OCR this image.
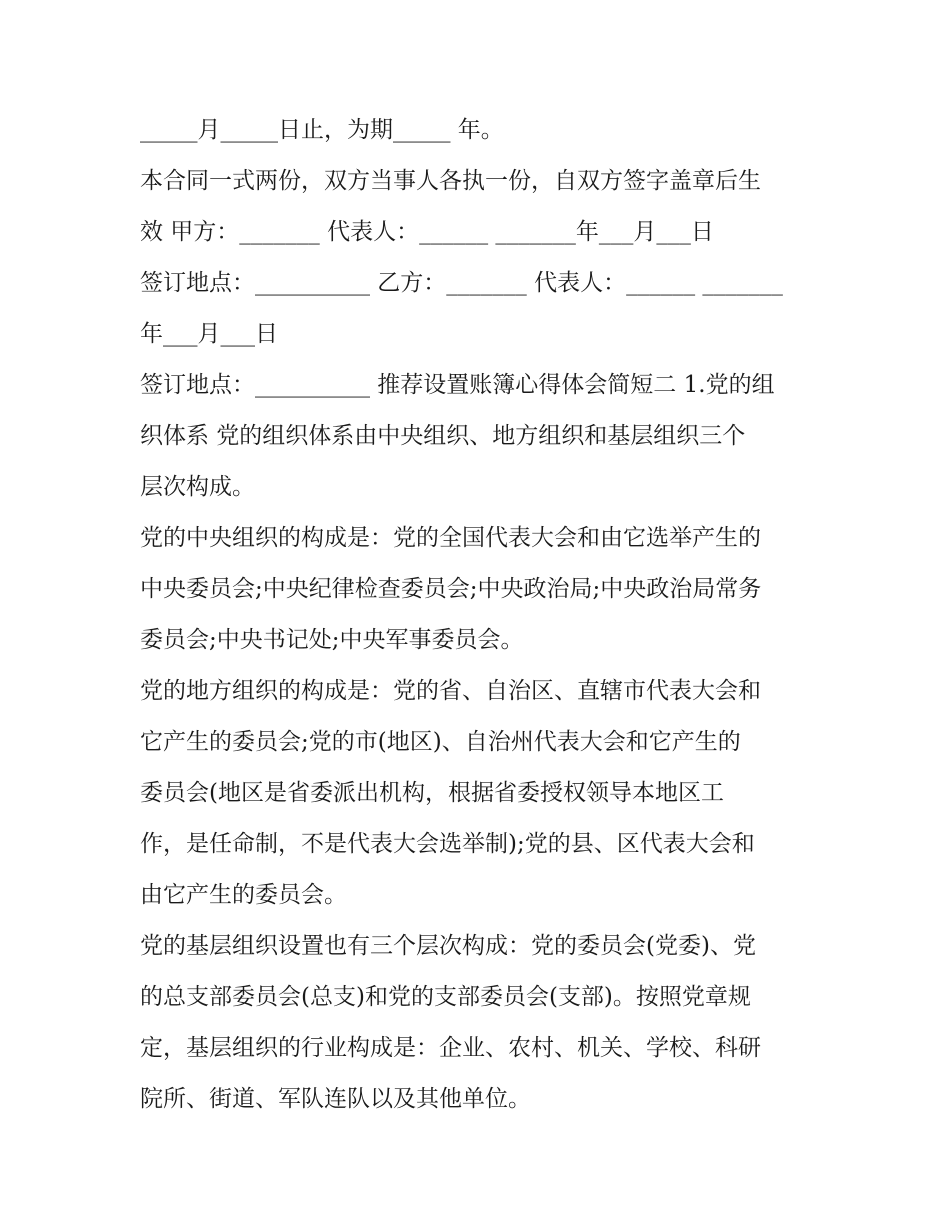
_____月_____日止，为期_____ 年。
本合同一式两份，双方当事人各执一份，自双方签字盖章后生
效 甲方：_______ 代表人：______ _______年___月___日
签订地点：__________ 乙方：_______ 代表人：______ _______
年___月___日
签订地点：__________ 推荐设置账簿心得体会简短二 1.党的组
织体系 党的组织体系由中央组织、地方组织和基层组织三个
层次构成。
党的中央组织的构成是：党的全国代表大会和由它选举产生的
中央委员会;中央纪律检查委员会;中央政治局;中央政治局常务
委员会;中央书记处;中央军事委员会。
党的地方组织的构成是：党的省、自治区、直辖市代表大会和
它产生的委员会;党的市(地区)、自治州代表大会和它产生的
委员会(地区是省委派出机构，根据省委授权领导本地区工
作，是任命制，不是代表大会选举制);党的县、区代表大会和
由它产生的委员会。
党的基层组织设置也有三个层次构成：党的委员会(党委)、党
的总支部委员会(总支)和党的支部委员会(支部)。按照党章规
定，基层组织的行业构成是：企业、农村、机关、学校、科研
院所、街道、军队连队以及其他单位。
